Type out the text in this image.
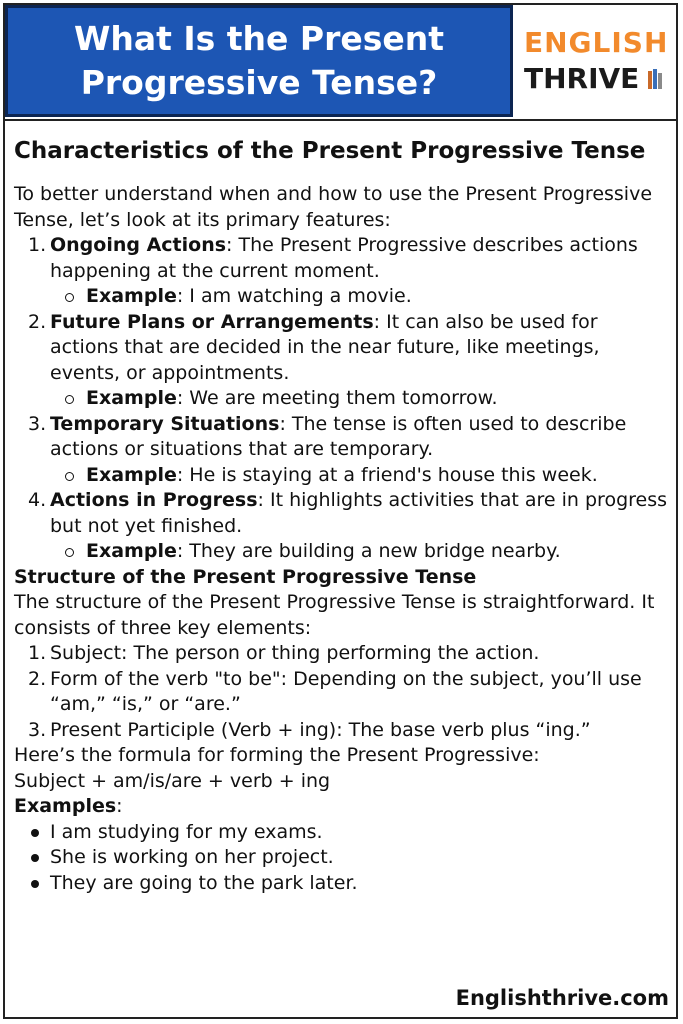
What Is the Present Progressive Tense?
ENGLISH
THRIVE
Characteristics of the Present Progressive Tense

To better understand when and how to use the Present Progressive Tense, let’s look at its primary features:

1. Ongoing Actions: The Present Progressive describes actions happening at the current moment.
Example: I am watching a movie.
2. Future Plans or Arrangements: It can also be used for actions that are decided in the near future, like meetings, events, or appointments.
Example: We are meeting them tomorrow.
3. Temporary Situations: The tense is often used to describe actions or situations that are temporary.
Example: He is staying at a friend's house this week.
4. Actions in Progress: It highlights activities that are in progress but not yet finished.
Example: They are building a new bridge nearby.
Structure of the Present Progressive Tense

The structure of the Present Progressive Tense is straightforward. It consists of three key elements:

1. Subject: The person or thing performing the action.
2. Form of the verb "to be": Depending on the subject, you’ll use “am,” “is,” or “are.”
3. Present Participle (Verb + ing): The base verb plus “ing.”

Here’s the formula for forming the Present Progressive:

Subject + am/is/are + verb + ing

Examples:

I am studying for my exams.
She is working on her project.
They are going to the park later.
Englishthrive.com
